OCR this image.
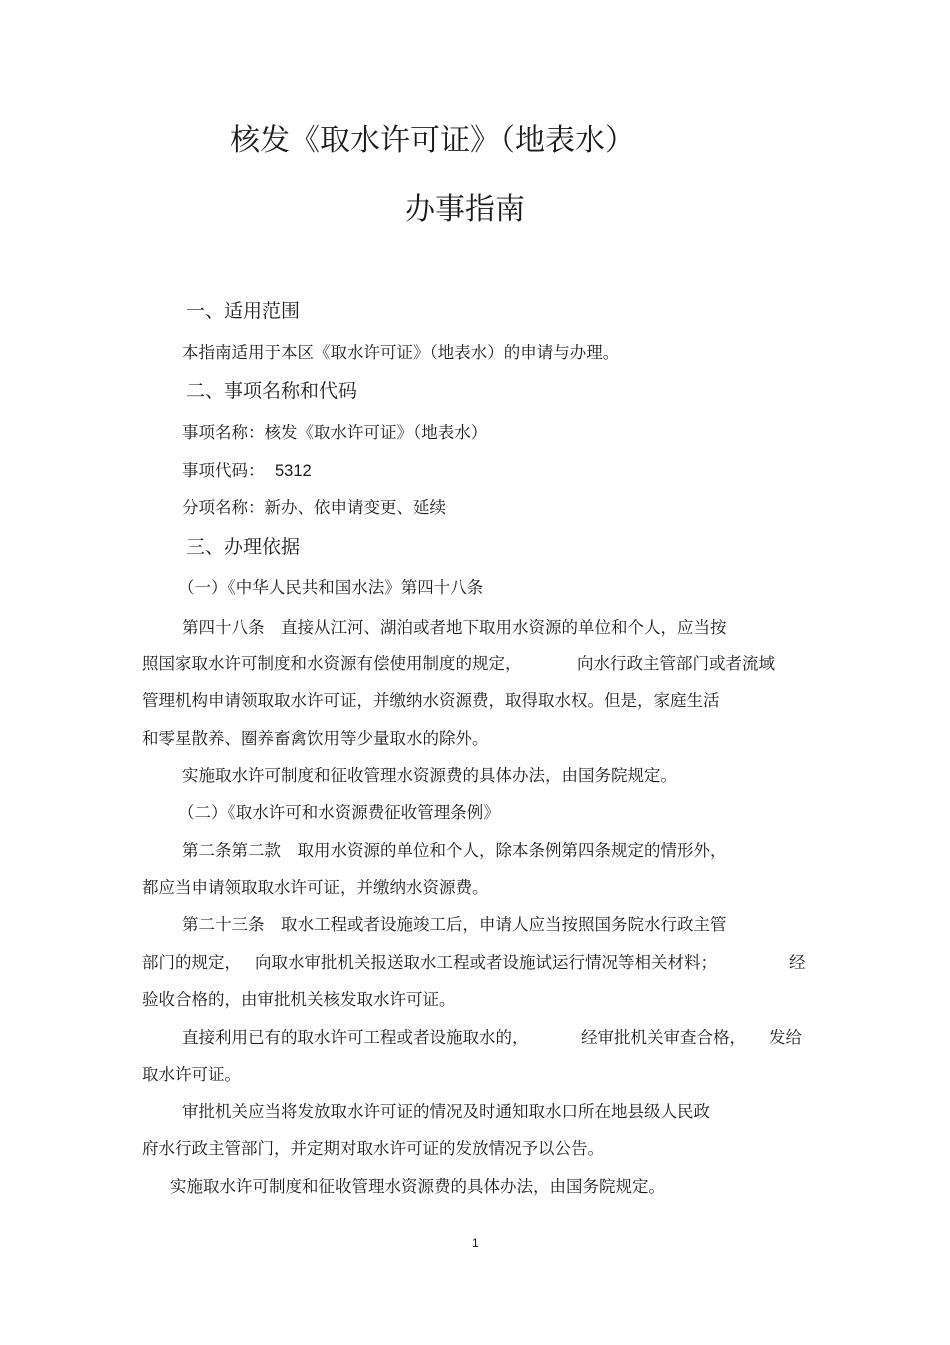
核发《取水许可证》（地表水）
办事指南
一、适用范围
本指南适用于本区《取水许可证》（地表水）的申请与办理。
二、事项名称和代码
事项名称：核发《取水许可证》（地表水）
事项代码： 5312
分项名称：新办、依申请变更、延续
三、办理依据
（一）《中华人民共和国水法》第四十八条
第四十八条　直接从江河、湖泊或者地下取用水资源的单位和个人，应当按
照国家取水许可制度和水资源有偿使用制度的规定，	向水行政主管部门或者流域
管理机构申请领取取水许可证，并缴纳水资源费，取得取水权。但是，家庭生活
和零星散养、圈养畜禽饮用等少量取水的除外。
实施取水许可制度和征收管理水资源费的具体办法，由国务院规定。
（二）《取水许可和水资源费征收管理条例》
第二条第二款　取用水资源的单位和个人，除本条例第四条规定的情形外，
都应当申请领取取水许可证，并缴纳水资源费。
第二十三条　取水工程或者设施竣工后，申请人应当按照国务院水行政主管
部门的规定， 向取水审批机关报送取水工程或者设施试运行情况等相关材料；	经
验收合格的，由审批机关核发取水许可证。
直接利用已有的取水许可工程或者设施取水的，	经审批机关审查合格， 发给
取水许可证。
审批机关应当将发放取水许可证的情况及时通知取水口所在地县级人民政
府水行政主管部门，并定期对取水许可证的发放情况予以公告。
实施取水许可制度和征收管理水资源费的具体办法，由国务院规定。
1
